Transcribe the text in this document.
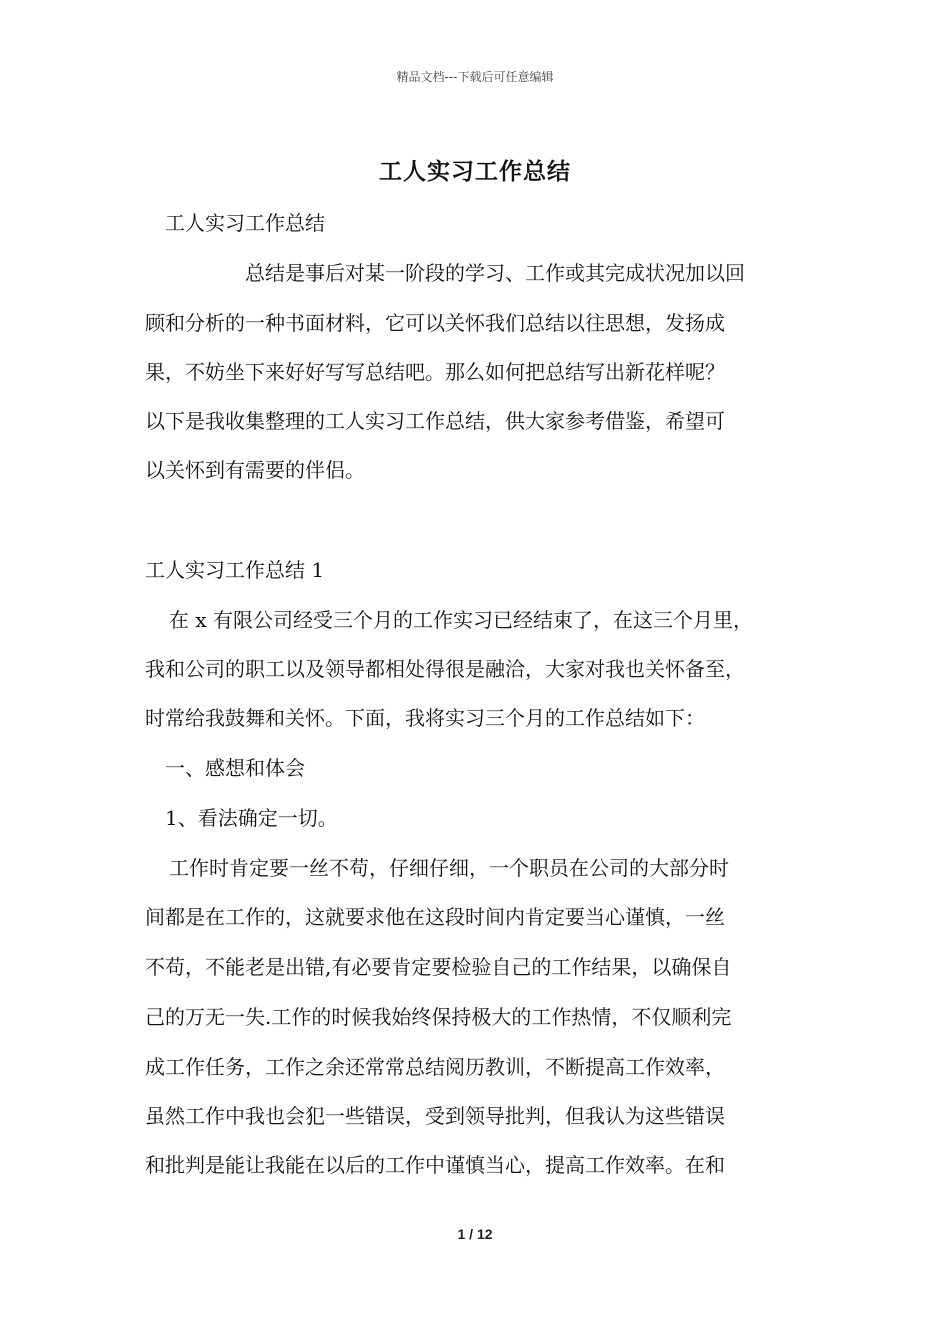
精品文档---下载后可任意编辑
工人实习工作总结
工人实习工作总结
总结是事后对某一阶段的学习、工作或其完成状况加以回
顾和分析的一种书面材料，它可以关怀我们总结以往思想，发扬成
果，不妨坐下来好好写写总结吧。那么如何把总结写出新花样呢？
以下是我收集整理的工人实习工作总结，供大家参考借鉴，希望可
以关怀到有需要的伴侣。
工人实习工作总结 1
在 x 有限公司经受三个月的工作实习已经结束了，在这三个月里，
我和公司的职工以及领导都相处得很是融洽，大家对我也关怀备至，
时常给我鼓舞和关怀。下面，我将实习三个月的工作总结如下：
一、感想和体会
1、看法确定一切。
工作时肯定要一丝不苟，仔细仔细，一个职员在公司的大部分时
间都是在工作的，这就要求他在这段时间内肯定要当心谨慎，一丝
不苟，不能老是出错,有必要肯定要检验自己的工作结果，以确保自
己的万无一失.工作的时候我始终保持极大的工作热情，不仅顺利完
成工作任务，工作之余还常常总结阅历教训，不断提高工作效率，
虽然工作中我也会犯一些错误，受到领导批判，但我认为这些错误
和批判是能让我能在以后的工作中谨慎当心，提高工作效率。在和
1 / 12
